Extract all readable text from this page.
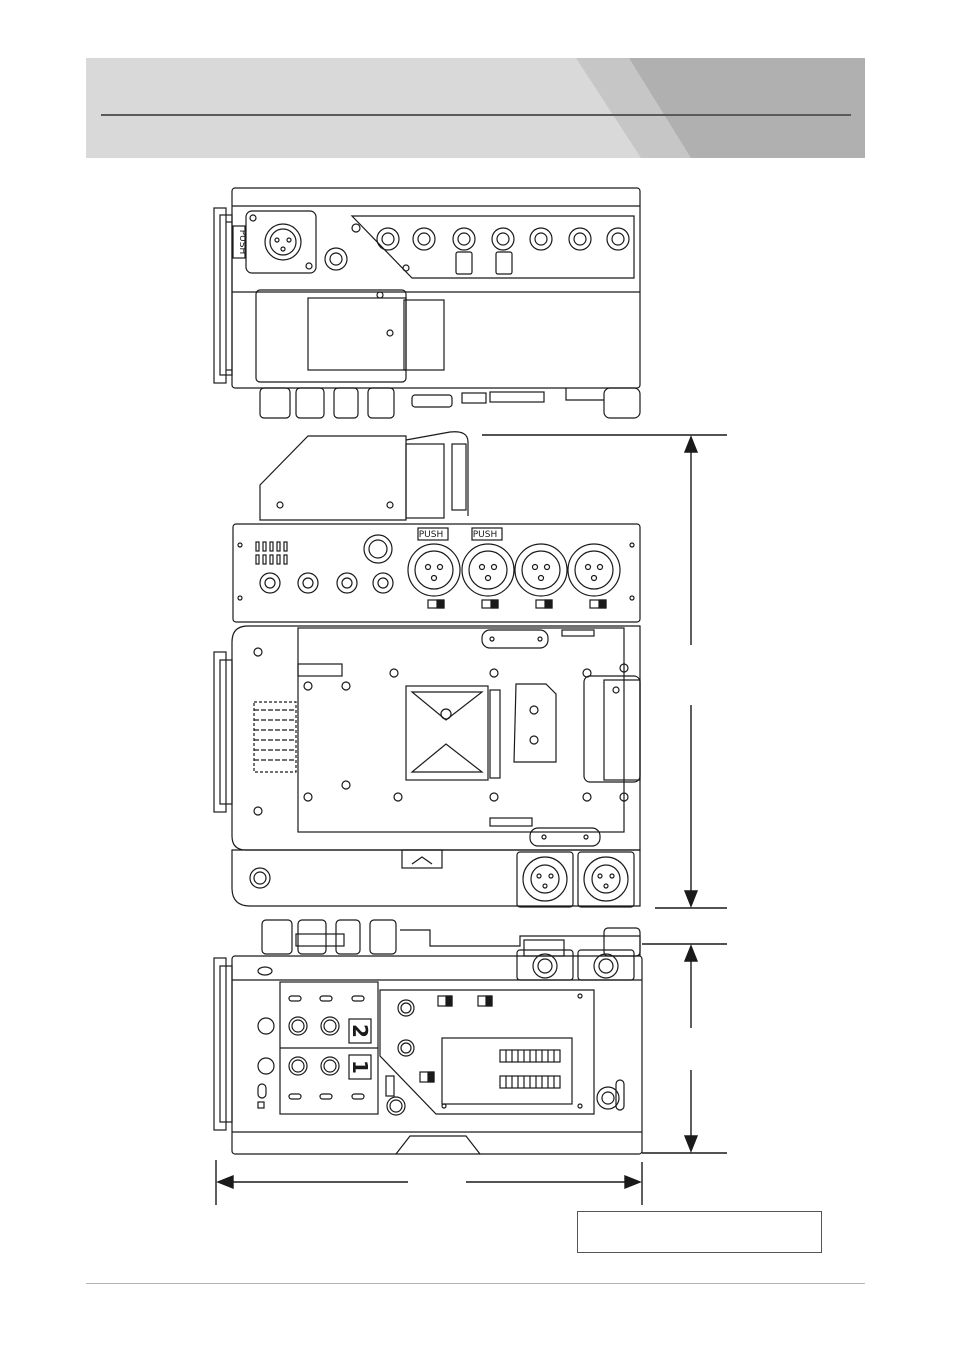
PUSH
PUSH	PUSH
2
1
